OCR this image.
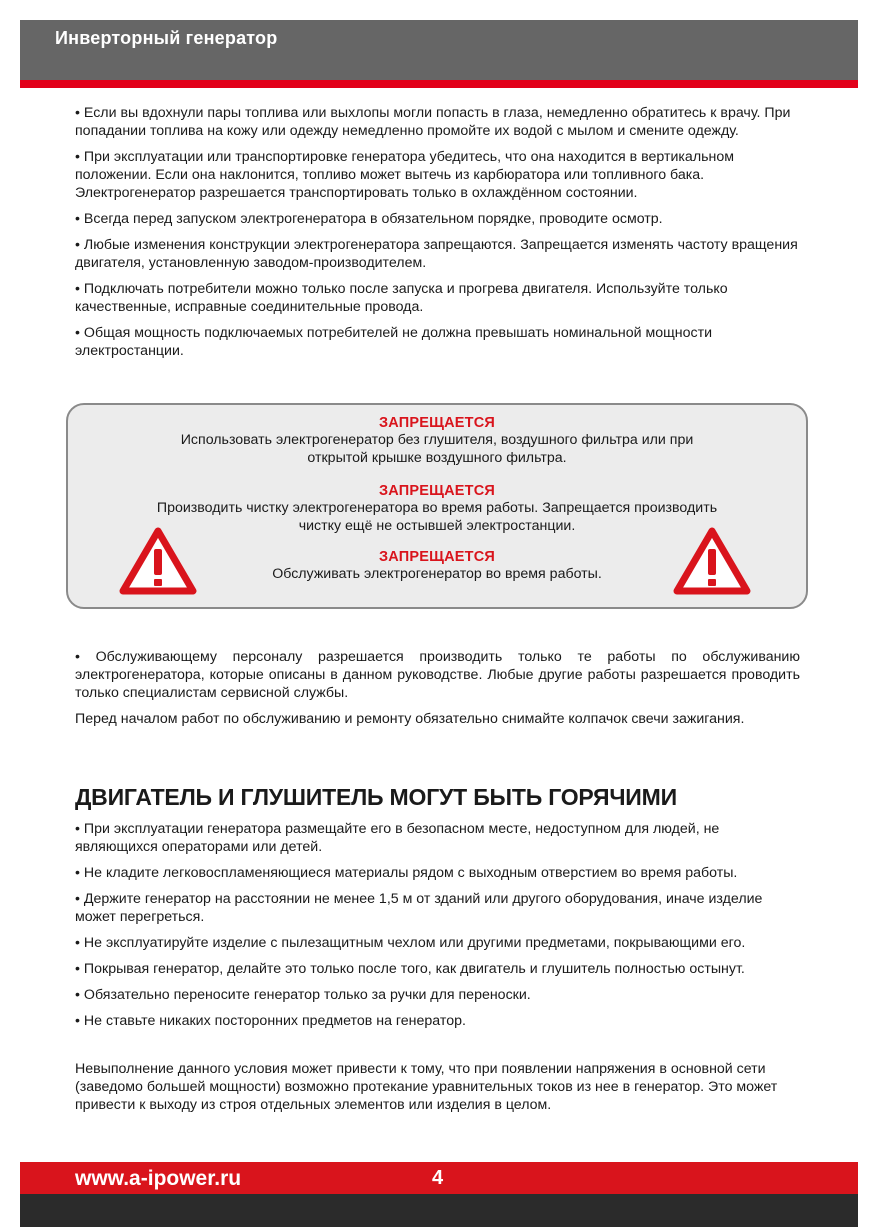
Инверторный генератор

• Если вы вдохнули пары топлива или выхлопы могли попасть в глаза, немедленно обратитесь к врачу. При попадании топлива на кожу или одежду немедленно промойте их водой с мылом и смените одежду.

• При эксплуатации или транспортировке генератора убедитесь, что она находится в вертикальном положении. Если она наклонится, топливо может вытечь из карбюратора или топливного бака. Электрогенератор разрешается транспортировать только в охлаждённом состоянии.

• Всегда перед запуском электрогенератора в обязательном порядке, проводите осмотр.

• Любые изменения конструкции электрогенератора запрещаются. Запрещается изменять частоту вращения двигателя, установленную заводом-производителем.

• Подключать потребители можно только после запуска и прогрева двигателя. Используйте только качественные, исправные соединительные провода.

• Общая мощность подключаемых потребителей не должна превышать номинальной мощности электростанции.

ЗАПРЕЩАЕТСЯ
Использовать электрогенератор без глушителя, воздушного фильтра или при
открытой крышке воздушного фильтра.
ЗАПРЕЩАЕТСЯ
Производить чистку электрогенератора во время работы. Запрещается производить
чистку ещё не остывшей электростанции.
ЗАПРЕЩАЕТСЯ
Обслуживать электрогенератор во время работы.

• Обслуживающему персоналу разрешается производить только те работы по обслуживанию электрогенератора, которые описаны в данном руководстве. Любые другие работы разрешается проводить только специалистам сервисной службы.

Перед началом работ по обслуживанию и ремонту обязательно снимайте колпачок свечи зажигания.

ДВИГАТЕЛЬ И ГЛУШИТЕЛЬ МОГУТ БЫТЬ ГОРЯЧИМИ

• При эксплуатации генератора размещайте его в безопасном месте, недоступном для людей, не являющихся операторами или детей.

• Не кладите легковоспламеняющиеся материалы рядом с выходным отверстием во время работы.

• Держите генератор на расстоянии не менее 1,5 м от зданий или другого оборудования, иначе изделие может перегреться.

• Не эксплуатируйте изделие с пылезащитным чехлом или другими предметами, покрывающими его.

• Покрывая генератор, делайте это только после того, как двигатель и глушитель полностью остынут.

• Обязательно переносите генератор только за ручки для переноски.

• Не ставьте никаких посторонних предметов на генератор.

Невыполнение данного условия может привести к тому, что при появлении напряжения в основной сети (заведомо большей мощности) возможно протекание уравнительных токов из нее в генератор. Это может привести к выходу из строя отдельных элементов или изделия в целом.

www.a-ipower.ru	4
